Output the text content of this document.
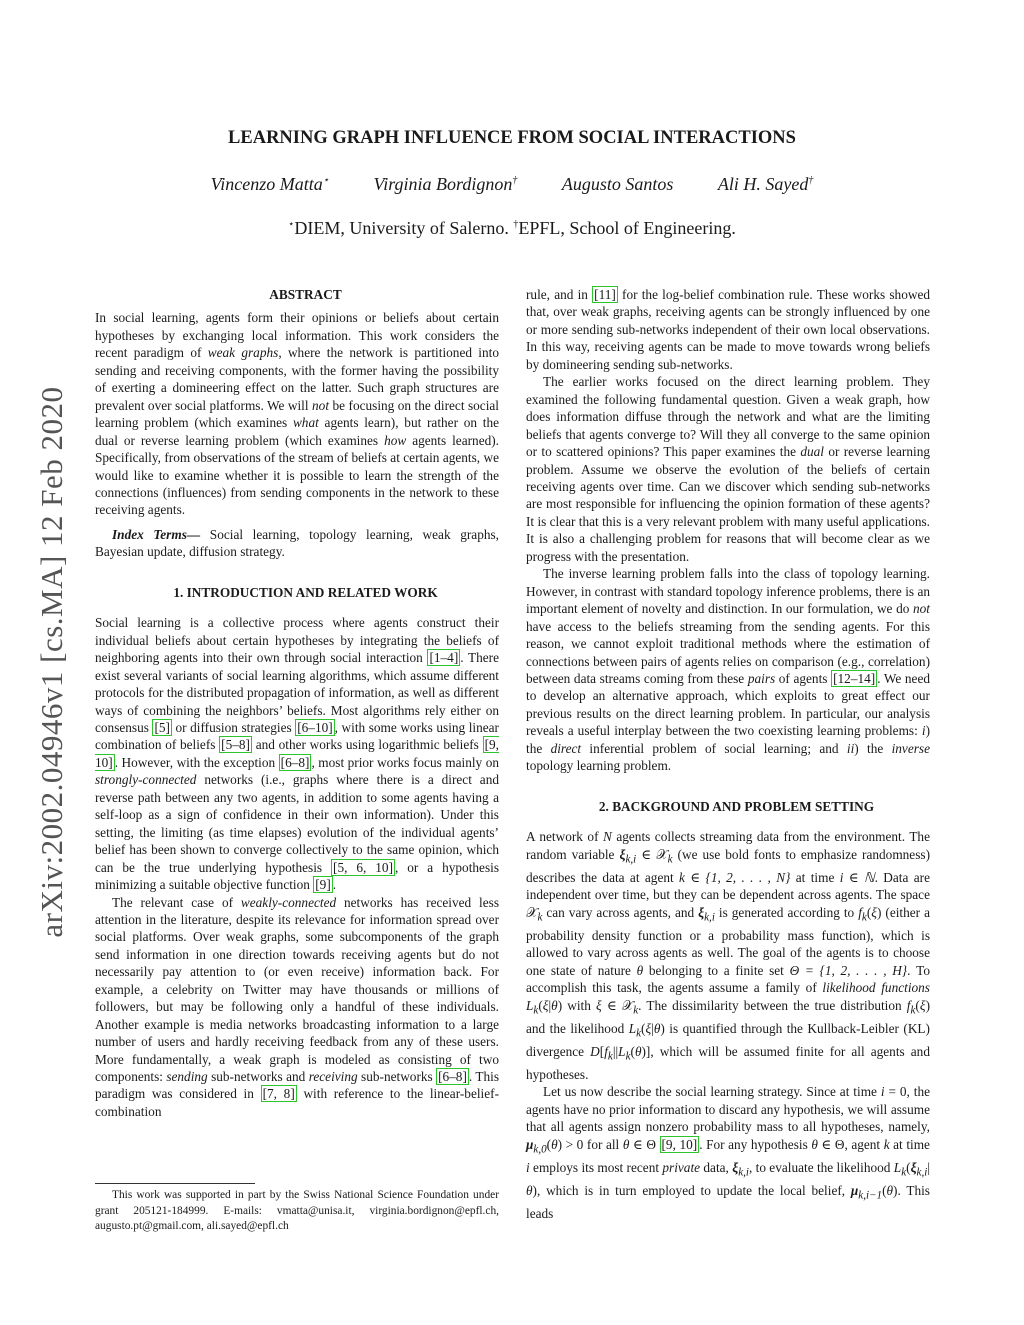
arXiv:2002.04946v1 [cs.MA] 12 Feb 2020
LEARNING GRAPH INFLUENCE FROM SOCIAL INTERACTIONS
Vincenzo Matta⋆ Virginia Bordignon† Augusto Santos Ali H. Sayed†
⋆DIEM, University of Salerno. †EPFL, School of Engineering.

ABSTRACT

In social learning, agents form their opinions or beliefs about certain hypotheses by exchanging local information. This work considers the recent paradigm of weak graphs, where the network is partitioned into sending and receiving components, with the former having the possibility of exerting a domineering effect on the latter. Such graph structures are prevalent over social platforms. We will not be focusing on the direct social learning problem (which examines what agents learn), but rather on the dual or reverse learning problem (which examines how agents learned). Specifically, from observations of the stream of beliefs at certain agents, we would like to examine whether it is possible to learn the strength of the connections (influences) from sending components in the network to these receiving agents.

Index Terms— Social learning, topology learning, weak graphs, Bayesian update, diffusion strategy.

1. INTRODUCTION AND RELATED WORK

Social learning is a collective process where agents construct their individual beliefs about certain hypotheses by integrating the beliefs of neighboring agents into their own through social interaction [1–4] . There exist several variants of social learning algorithms, which assume different protocols for the distributed propagation of information, as well as different ways of combining the neighbors’ beliefs. Most algorithms rely either on consensus [5] or diffusion strategies [6–10] , with some works using linear combination of beliefs [5–8] and other works using logarithmic beliefs [9, 10] . However, with the exception [6–8] , most prior works focus mainly on strongly-connected networks (i.e., graphs where there is a direct and reverse path between any two agents, in addition to some agents having a self-loop as a sign of confidence in their own information). Under this setting, the limiting (as time elapses) evolution of the individual agents’ belief has been shown to converge collectively to the same opinion, which can be the true underlying hypothesis [5, 6, 10] , or a hypothesis minimizing a suitable objective function [9] .

The relevant case of weakly-connected networks has received less attention in the literature, despite its relevance for information spread over social platforms. Over weak graphs, some subcomponents of the graph send information in one direction towards receiving agents but do not necessarily pay attention to (or even receive) information back. For example, a celebrity on Twitter may have thousands or millions of followers, but may be following only a handful of these individuals. Another example is media networks broadcasting information to a large number of users and hardly receiving feedback from any of these users. More fundamentally, a weak graph is modeled as consisting of two components: sending sub-networks and receiving sub-networks [6–8] . This paradigm was considered in [7, 8] with reference to the linear-belief-combination

This work was supported in part by the Swiss National Science Foundation under grant 205121-184999. E-mails: vmatta@unisa.it, virginia.bordignon@epfl.ch, augusto.pt@gmail.com, ali.sayed@epfl.ch

rule, and in [11] for the log-belief combination rule. These works showed that, over weak graphs, receiving agents can be strongly influenced by one or more sending sub-networks independent of their own local observations. In this way, receiving agents can be made to move towards wrong beliefs by domineering sending sub-networks.

The earlier works focused on the direct learning problem. They examined the following fundamental question. Given a weak graph, how does information diffuse through the network and what are the limiting beliefs that agents converge to? Will they all converge to the same opinion or to scattered opinions? This paper examines the dual or reverse learning problem. Assume we observe the evolution of the beliefs of certain receiving agents over time. Can we discover which sending sub-networks are most responsible for influencing the opinion formation of these agents? It is clear that this is a very relevant problem with many useful applications. It is also a challenging problem for reasons that will become clear as we progress with the presentation.

The inverse learning problem falls into the class of topology learning. However, in contrast with standard topology inference problems, there is an important element of novelty and distinction. In our formulation, we do not have access to the beliefs streaming from the sending agents. For this reason, we cannot exploit traditional methods where the estimation of connections between pairs of agents relies on comparison (e.g., correlation) between data streams coming from these pairs of agents [12–14] . We need to develop an alternative approach, which exploits to great effect our previous results on the direct learning problem. In particular, our analysis reveals a useful interplay between the two coexisting learning problems: i) the direct inferential problem of social learning; and ii) the inverse topology learning problem.

2. BACKGROUND AND PROBLEM SETTING

A network of N agents collects streaming data from the environment. The random variable $\xi_{k,i}$ ∈ 𝒳$_k$ (we use bold fonts to emphasize randomness) describes the data at agent k ∈ {1, 2, . . . , N} at time i ∈ ℕ. Data are independent over time, but they can be dependent across agents. The space 𝒳$_k$ can vary across agents, and $\xi_{k,i}$ is generated according to $f_k(\xi)$ (either a probability density function or a probability mass function), which is allowed to vary across agents as well. The goal of the agents is to choose one state of nature θ belonging to a finite set Θ = {1, 2, . . . , H}. To accomplish this task, the agents assume a family of likelihood functions $L_k(\xi|\theta)$ with ξ ∈ 𝒳$_k$. The dissimilarity between the true distribution $f_k(\xi)$ and the likelihood $L_k(\xi|\theta)$ is quantified through the Kullback-Leibler (KL) divergence $D[f_k||L_k(\theta)]$, which will be assumed finite for all agents and hypotheses.

Let us now describe the social learning strategy. Since at time i = 0, the agents have no prior information to discard any hypothesis, we will assume that all agents assign nonzero probability mass to all hypotheses, namely, $\mu_{k,0}(\theta) > 0$ for all θ ∈ Θ [9, 10] . For any hypothesis θ ∈ Θ, agent k at time i employs its most recent private data, $\xi_{k,i}$, to evaluate the likelihood $L_k(\xi_{k,i}|\theta)$, which is in turn employed to update the local belief, $\mu_{k,i-1}(\theta)$. This leads
